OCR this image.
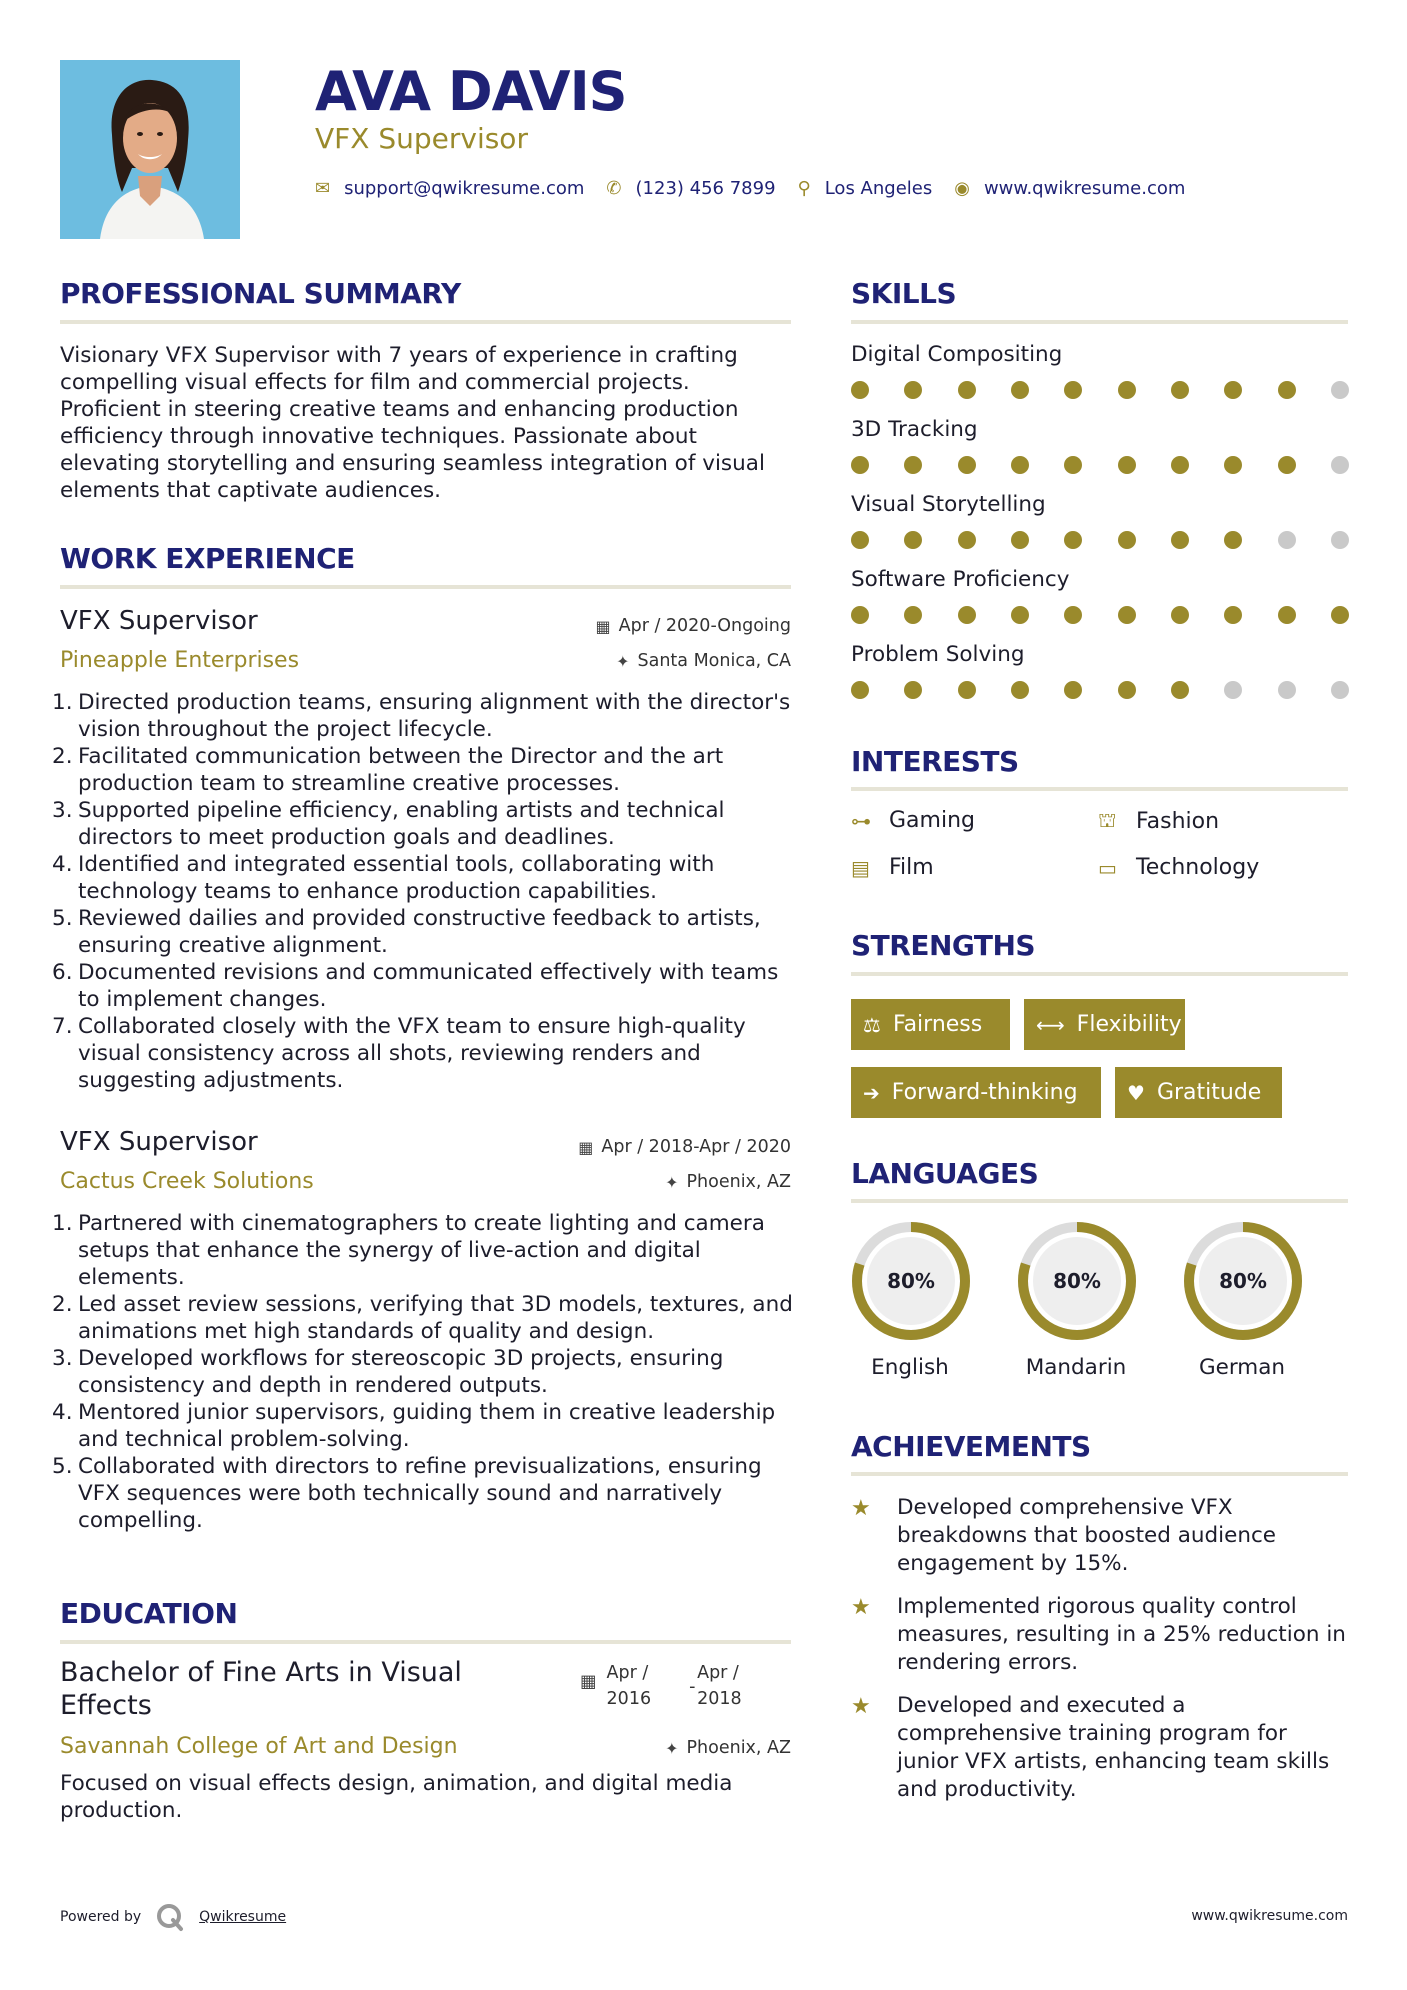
AVA DAVIS
VFX Supervisor
✉ support@qwikresume.com ✆ (123) 456 7899 ⚲ Los Angeles ◉ www.qwikresume.com
PROFESSIONAL SUMMARY
Visionary VFX Supervisor with 7 years of experience in crafting compelling visual effects for film and commercial projects. Proficient in steering creative teams and enhancing production efficiency through innovative techniques. Passionate about elevating storytelling and ensuring seamless integration of visual elements that captivate audiences.
WORK EXPERIENCE
VFX Supervisor
Pineapple Enterprises
▦ Apr / 2020-Ongoing
✦ Santa Monica, CA
Directed production teams, ensuring alignment with the director's vision throughout the project lifecycle.
Facilitated communication between the Director and the art production team to streamline creative processes.
Supported pipeline efficiency, enabling artists and technical directors to meet production goals and deadlines.
Identified and integrated essential tools, collaborating with technology teams to enhance production capabilities.
Reviewed dailies and provided constructive feedback to artists, ensuring creative alignment.
Documented revisions and communicated effectively with teams to implement changes.
Collaborated closely with the VFX team to ensure high-quality visual consistency across all shots, reviewing renders and suggesting adjustments.
VFX Supervisor
Cactus Creek Solutions
▦ Apr / 2018-Apr / 2020
✦ Phoenix, AZ
Partnered with cinematographers to create lighting and camera setups that enhance the synergy of live-action and digital elements.
Led asset review sessions, verifying that 3D models, textures, and animations met high standards of quality and design.
Developed workflows for stereoscopic 3D projects, ensuring consistency and depth in rendered outputs.
Mentored junior supervisors, guiding them in creative leadership and technical problem-solving.
Collaborated with directors to refine previsualizations, ensuring VFX sequences were both technically sound and narratively compelling.
EDUCATION
Bachelor of Fine Arts in Visual Effects
▦ Apr /
2016
-
Apr /
2018
Savannah College of Art and Design	✦ Phoenix, AZ
Focused on visual effects design, animation, and digital media production.
SKILLS
Digital Compositing
3D Tracking
Visual Storytelling
Software Proficiency
Problem Solving
INTERESTS
⊶ Gaming	⛫ Fashion
▤ Film	▭ Technology
STRENGTHS
⚖ Fairness	⟷ Flexibility
➔ Forward-thinking ♥ Gratitude
LANGUAGES
80%
English
80%
Mandarin
80%
German
ACHIEVEMENTS
★	Developed comprehensive VFX breakdowns that boosted audience engagement by 15%.
★	Implemented rigorous quality control measures, resulting in a 25% reduction in rendering errors.
★	Developed and executed a comprehensive training program for junior VFX artists, enhancing team skills and productivity.
Powered by	Qwikresume	www.qwikresume.com
